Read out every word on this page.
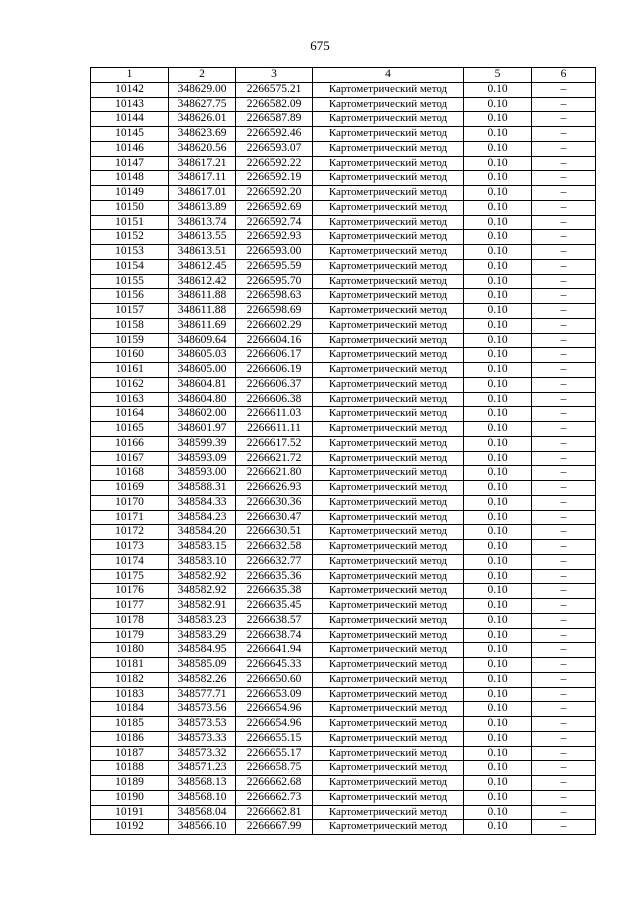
675
1	2	3	4	5	6
10142	348629.00	2266575.21	Картометрический метод	0.10	–
10143	348627.75	2266582.09	Картометрический метод	0.10	–
10144	348626.01	2266587.89	Картометрический метод	0.10	–
10145	348623.69	2266592.46	Картометрический метод	0.10	–
10146	348620.56	2266593.07	Картометрический метод	0.10	–
10147	348617.21	2266592.22	Картометрический метод	0.10	–
10148	348617.11	2266592.19	Картометрический метод	0.10	–
10149	348617.01	2266592.20	Картометрический метод	0.10	–
10150	348613.89	2266592.69	Картометрический метод	0.10	–
10151	348613.74	2266592.74	Картометрический метод	0.10	–
10152	348613.55	2266592.93	Картометрический метод	0.10	–
10153	348613.51	2266593.00	Картометрический метод	0.10	–
10154	348612.45	2266595.59	Картометрический метод	0.10	–
10155	348612.42	2266595.70	Картометрический метод	0.10	–
10156	348611.88	2266598.63	Картометрический метод	0.10	–
10157	348611.88	2266598.69	Картометрический метод	0.10	–
10158	348611.69	2266602.29	Картометрический метод	0.10	–
10159	348609.64	2266604.16	Картометрический метод	0.10	–
10160	348605.03	2266606.17	Картометрический метод	0.10	–
10161	348605.00	2266606.19	Картометрический метод	0.10	–
10162	348604.81	2266606.37	Картометрический метод	0.10	–
10163	348604.80	2266606.38	Картометрический метод	0.10	–
10164	348602.00	2266611.03	Картометрический метод	0.10	–
10165	348601.97	2266611.11	Картометрический метод	0.10	–
10166	348599.39	2266617.52	Картометрический метод	0.10	–
10167	348593.09	2266621.72	Картометрический метод	0.10	–
10168	348593.00	2266621.80	Картометрический метод	0.10	–
10169	348588.31	2266626.93	Картометрический метод	0.10	–
10170	348584.33	2266630.36	Картометрический метод	0.10	–
10171	348584.23	2266630.47	Картометрический метод	0.10	–
10172	348584.20	2266630.51	Картометрический метод	0.10	–
10173	348583.15	2266632.58	Картометрический метод	0.10	–
10174	348583.10	2266632.77	Картометрический метод	0.10	–
10175	348582.92	2266635.36	Картометрический метод	0.10	–
10176	348582.92	2266635.38	Картометрический метод	0.10	–
10177	348582.91	2266635.45	Картометрический метод	0.10	–
10178	348583.23	2266638.57	Картометрический метод	0.10	–
10179	348583.29	2266638.74	Картометрический метод	0.10	–
10180	348584.95	2266641.94	Картометрический метод	0.10	–
10181	348585.09	2266645.33	Картометрический метод	0.10	–
10182	348582.26	2266650.60	Картометрический метод	0.10	–
10183	348577.71	2266653.09	Картометрический метод	0.10	–
10184	348573.56	2266654.96	Картометрический метод	0.10	–
10185	348573.53	2266654.96	Картометрический метод	0.10	–
10186	348573.33	2266655.15	Картометрический метод	0.10	–
10187	348573.32	2266655.17	Картометрический метод	0.10	–
10188	348571.23	2266658.75	Картометрический метод	0.10	–
10189	348568.13	2266662.68	Картометрический метод	0.10	–
10190	348568.10	2266662.73	Картометрический метод	0.10	–
10191	348568.04	2266662.81	Картометрический метод	0.10	–
10192	348566.10	2266667.99	Картометрический метод	0.10	–
